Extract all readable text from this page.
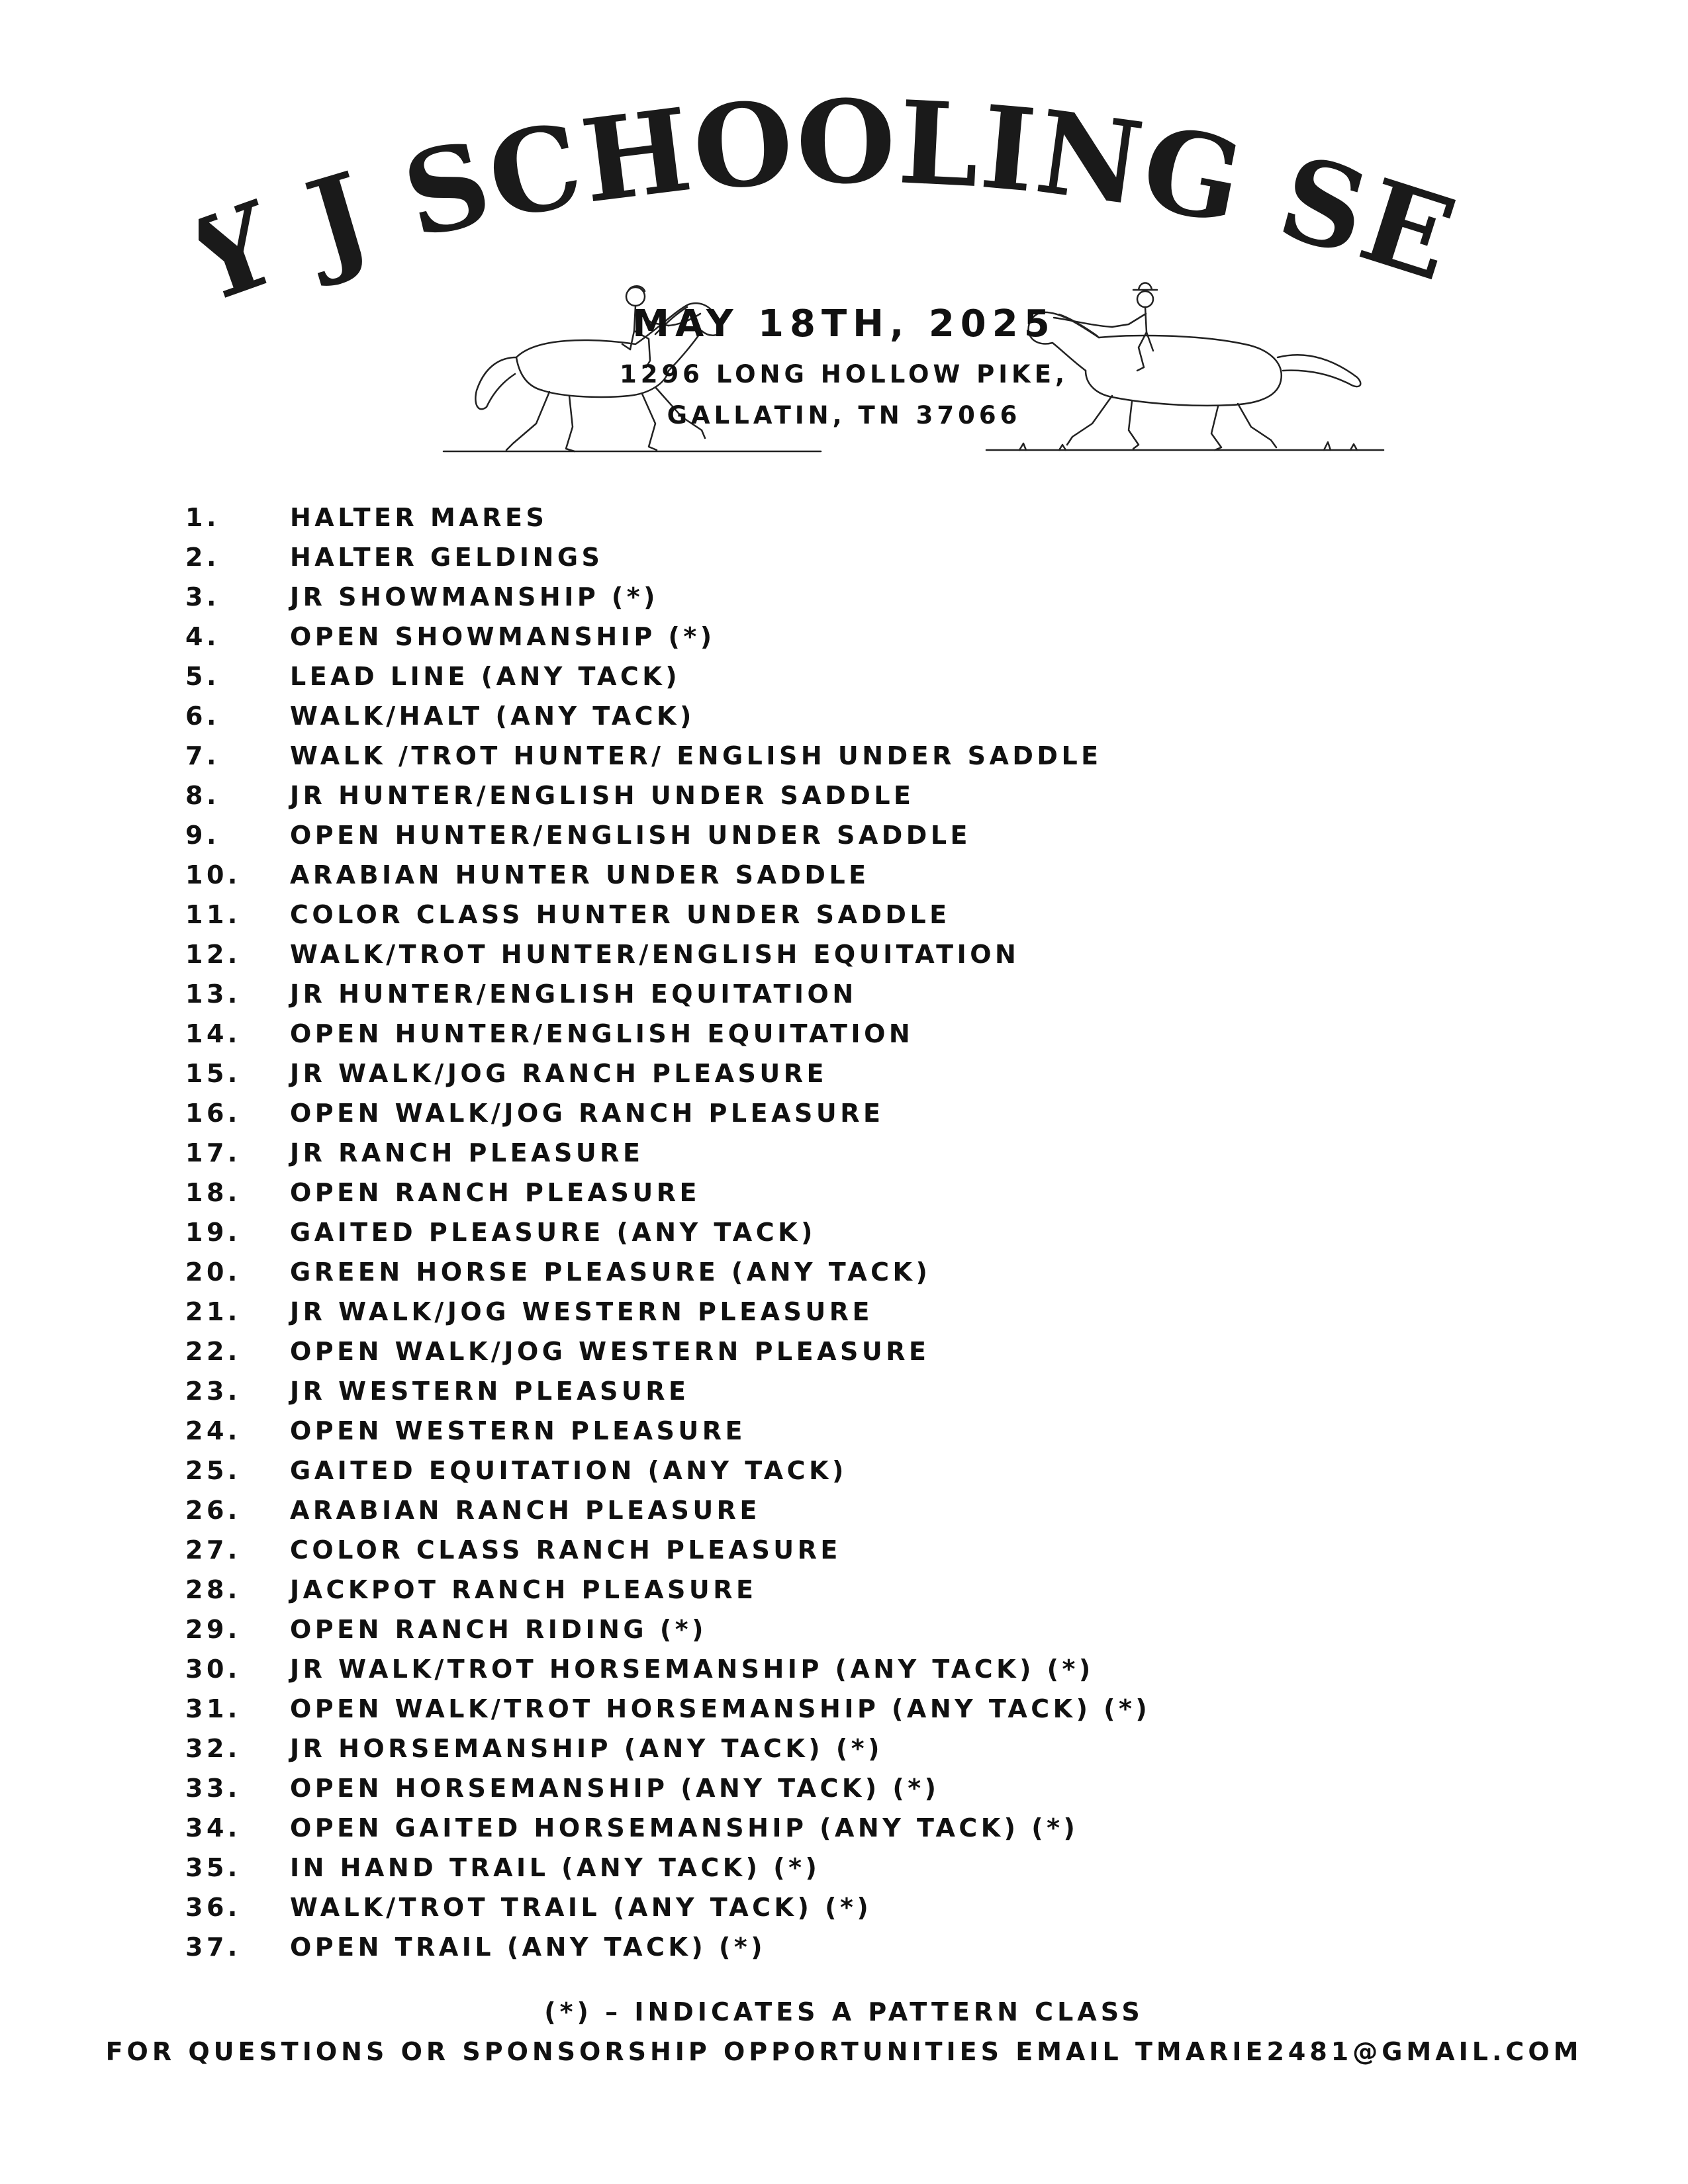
J SCHOOLING SE
MAY 18TH, 2025
1296 LONG HOLLOW PIKE,
GALLATIN, TN 37066
1.	HALTER MARES
2.	HALTER GELDINGS
3.	JR SHOWMANSHIP (*)
4.	OPEN SHOWMANSHIP (*)
5.	LEAD LINE (ANY TACK)
6.	WALK/HALT (ANY TACK)
7.	WALK /TROT HUNTER/ ENGLISH UNDER SADDLE
8.	JR HUNTER/ENGLISH UNDER SADDLE
9.	OPEN HUNTER/ENGLISH UNDER SADDLE
10. ARABIAN HUNTER UNDER SADDLE
11. COLOR CLASS HUNTER UNDER SADDLE
12. WALK/TROT HUNTER/ENGLISH EQUITATION
13. JR HUNTER/ENGLISH EQUITATION
14. OPEN HUNTER/ENGLISH EQUITATION
15. JR WALK/JOG RANCH PLEASURE
16. OPEN WALK/JOG RANCH PLEASURE
17. JR RANCH PLEASURE
18. OPEN RANCH PLEASURE
19. GAITED PLEASURE (ANY TACK)
20. GREEN HORSE PLEASURE (ANY TACK)
21. JR WALK/JOG WESTERN PLEASURE
22. OPEN WALK/JOG WESTERN PLEASURE
23. JR WESTERN PLEASURE
24. OPEN WESTERN PLEASURE
25. GAITED EQUITATION (ANY TACK)
26. ARABIAN RANCH PLEASURE
27. COLOR CLASS RANCH PLEASURE
28. JACKPOT RANCH PLEASURE
29. OPEN RANCH RIDING (*)
30. JR WALK/TROT HORSEMANSHIP (ANY TACK) (*)
31. OPEN WALK/TROT HORSEMANSHIP (ANY TACK) (*)
32. JR HORSEMANSHIP (ANY TACK) (*)
33. OPEN HORSEMANSHIP (ANY TACK) (*)
34. OPEN GAITED HORSEMANSHIP (ANY TACK) (*)
35. IN HAND TRAIL (ANY TACK) (*)
36. WALK/TROT TRAIL (ANY TACK) (*)
37. OPEN TRAIL (ANY TACK) (*)
(*) – INDICATES A PATTERN CLASS
FOR QUESTIONS OR SPONSORSHIP OPPORTUNITIES EMAIL TMARIE2481@GMAIL.COM
